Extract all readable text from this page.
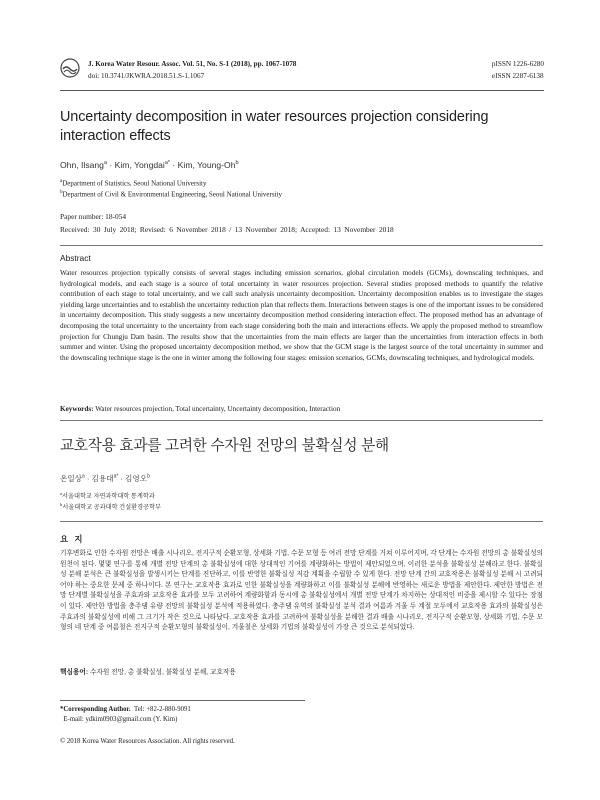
J. Korea Water Resour. Assoc. Vol. 51, No. S-1 (2018), pp. 1067-1078
doi: 10.3741/JKWRA.2018.51.S-1.1067
pISSN 1226-6280
eISSN 2287-6138
Uncertainty decomposition in water resources projection considering interaction effects
Ohn, Ilsang$^a$ · Kim, Yongdai$^{a*}$ · Kim, Young-Oh$^b$
$^a$Department of Statistics, Seoul National University
$^b$Department of Civil & Environmental Engineering, Seoul National University
Paper number: 18-054
Received: 30 July 2018; Revised: 6 November 2018 / 13 November 2018; Accepted: 13 November 2018
Abstract
Water resources projection typically consists of several stages including emission scenarios, global circulation models (GCMs), downscaling techniques, and hydrological models, and each stage is a source of total uncertainty in water resources projection. Several studies proposed methods to quantify the relative contribution of each stage to total uncertainty, and we call such analysis uncertainty decomposition. Uncertainty decomposition enables us to investigate the stages yielding large uncertainties and to establish the uncertainty reduction plan that reflects them. Interactions between stages is one of the important issues to be considered in uncertainty decomposition. This study suggests a new uncertainty decomposition method considering interaction effect. The proposed method has an advantage of decomposing the total uncertainty to the uncertainty from each stage considering both the main and interactions effects. We apply the proposed method to streamflow projection for Chungju Dam basin. The results show that the uncertainties from the main effects are larger than the uncertainties from interaction effects in both summer and winter. Using the proposed uncertainty decomposition method, we show that the GCM stage is the largest source of the total uncertainty in summer and the downscaling technique stage is the one in winter among the following four stages: emission scenarios, GCMs, downscaling techniques, and hydrological models.
Keywords: Water resources projection, Total uncertainty, Uncertainty decomposition, Interaction
교호작용 효과를 고려한 수자원 전망의 불확실성 분해
온일상$^a$ · 김용대$^{a*}$ · 김영오$^b$
$^a$서울대학교 자연과학대학 통계학과
$^b$서울대학교 공과대학 건설환경공학부
요 지
기후변화로 인한 수자원 전망은 배출 시나리오, 전지구적 순환모형, 상세화 기법, 수문 모형 등 여러 전망 단계를 거쳐 이루어지며, 각 단계는 수자원 전망의 총 불확실성의 원천이 된다. 몇몇 연구를 통해 개별 전망 단계의 총 불확실성에 대한 상대적인 기여를 계량화하는 방법이 제안되었으며, 이러한 분석을 불확실성 분해라고 한다. 불확실성 분해 분석은 큰 불확실성을 발생시키는 단계를 진단하고, 이를 반영한 불확실성 저감 계획을 수립할 수 있게 한다. 전망 단계 간의 교호작용은 불확실성 분해 시 고려되어야 하는 중요한 문제 중 하나이다. 본 연구는 교호작용 효과로 인한 불확실성을 계량화하고 이를 불확실성 분해에 반영하는 새로운 방법을 제안한다. 제안한 방법은 전망 단계별 불확실성을 주효과와 교호작용 효과를 모두 고려하여 계량화함과 동시에 총 불확실성에서 개별 전망 단계가 차지하는 상대적인 비중을 제시할 수 있다는 장점이 있다. 제안한 방법을 충주댐 유량 전망의 불확실성 분석에 적용하였다. 충주댐 유역의 불확실성 분석 결과 여름과 겨울 두 계절 모두에서 교호작용 효과의 불확실성은 주효과의 불확실성에 비해 그 크기가 작은 것으로 나타났다. 교호작용 효과를 고려하여 불확실성을 분해한 결과 배출 시나리오, 전지구적 순환모형, 상세화 기법, 수문 모형의 네 단계 중 여름철은 전지구적 순환모형의 불확실성이, 겨울철은 상세화 기법의 불확실성이 가장 큰 것으로 분석되었다.
핵심용어: 수자원 전망, 총 불확실성, 불확실성 분해, 교호작용
*Corresponding Author. Tel: +82-2-880-9091
E-mail: ydkim0903@gmail.com (Y. Kim)
© 2018 Korea Water Resources Association. All rights reserved.
